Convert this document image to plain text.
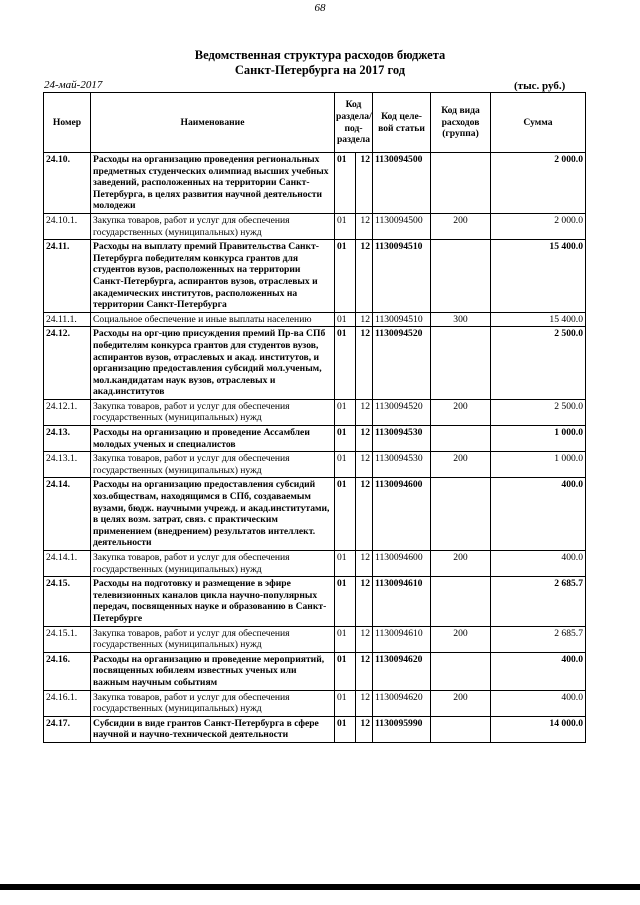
68
Ведомственная структура расходов бюджета
Санкт-Петербурга на 2017 год
24-май-2017	(тыс. руб.)
Номер	Наименование	Код раздела/ под-раздела		Код целе-вой статьи	Код вида расходов (группа)	Сумма
24.10.	Расходы на организацию проведения региональных предметных студенческих олимпиад высших учебных заведений, расположенных на территории Санкт-Петербурга, в целях развития научной деятельности молодежи	01	12	1130094500		2 000.0
24.10.1.	Закупка товаров, работ и услуг для обеспечения государственных (муниципальных) нужд	01	12	1130094500	200	2 000.0
24.11.	Расходы на выплату премий Правительства Санкт-Петербурга победителям конкурса грантов для студентов вузов, расположенных на территории Санкт-Петербурга, аспирантов вузов, отраслевых и академических институтов, расположенных на территории Санкт-Петербурга	01	12	1130094510		15 400.0
24.11.1.	Социальное обеспечение и иные выплаты населению	01	12	1130094510	300	15 400.0
24.12.	Расходы на орг-цию присуждения премий Пр-ва СПб победителям конкурса грантов для студентов вузов, аспирантов вузов, отраслевых и акад. институтов, и организацию предоставления субсидий мол.ученым, мол.кандидатам наук вузов, отраслевых и акад.институтов	01	12	1130094520		2 500.0
24.12.1.	Закупка товаров, работ и услуг для обеспечения государственных (муниципальных) нужд	01	12	1130094520	200	2 500.0
24.13.	Расходы на организацию и проведение Ассамблеи молодых ученых и специалистов	01	12	1130094530		1 000.0
24.13.1.	Закупка товаров, работ и услуг для обеспечения государственных (муниципальных) нужд	01	12	1130094530	200	1 000.0
24.14.	Расходы на организацию предоставления субсидий хоз.обществам, находящимся в СПб, создаваемым вузами, бюдж. научными учрежд. и акад.институтами, в целях возм. затрат, связ. с практическим применением (внедрением) результатов интеллект. деятельности	01	12	1130094600		400.0
24.14.1.	Закупка товаров, работ и услуг для обеспечения государственных (муниципальных) нужд	01	12	1130094600	200	400.0
24.15.	Расходы на подготовку и размещение в эфире телевизионных каналов цикла научно-популярных передач, посвященных науке и образованию в Санкт-Петербурге	01	12	1130094610		2 685.7
24.15.1.	Закупка товаров, работ и услуг для обеспечения государственных (муниципальных) нужд	01	12	1130094610	200	2 685.7
24.16.	Расходы на организацию и проведение мероприятий, посвященных юбилеям известных ученых или важным научным событиям	01	12	1130094620		400.0
24.16.1.	Закупка товаров, работ и услуг для обеспечения государственных (муниципальных) нужд	01	12	1130094620	200	400.0
24.17.	Субсидии в виде грантов Санкт-Петербурга в сфере научной и научно-технической деятельности	01	12	1130095990		14 000.0
